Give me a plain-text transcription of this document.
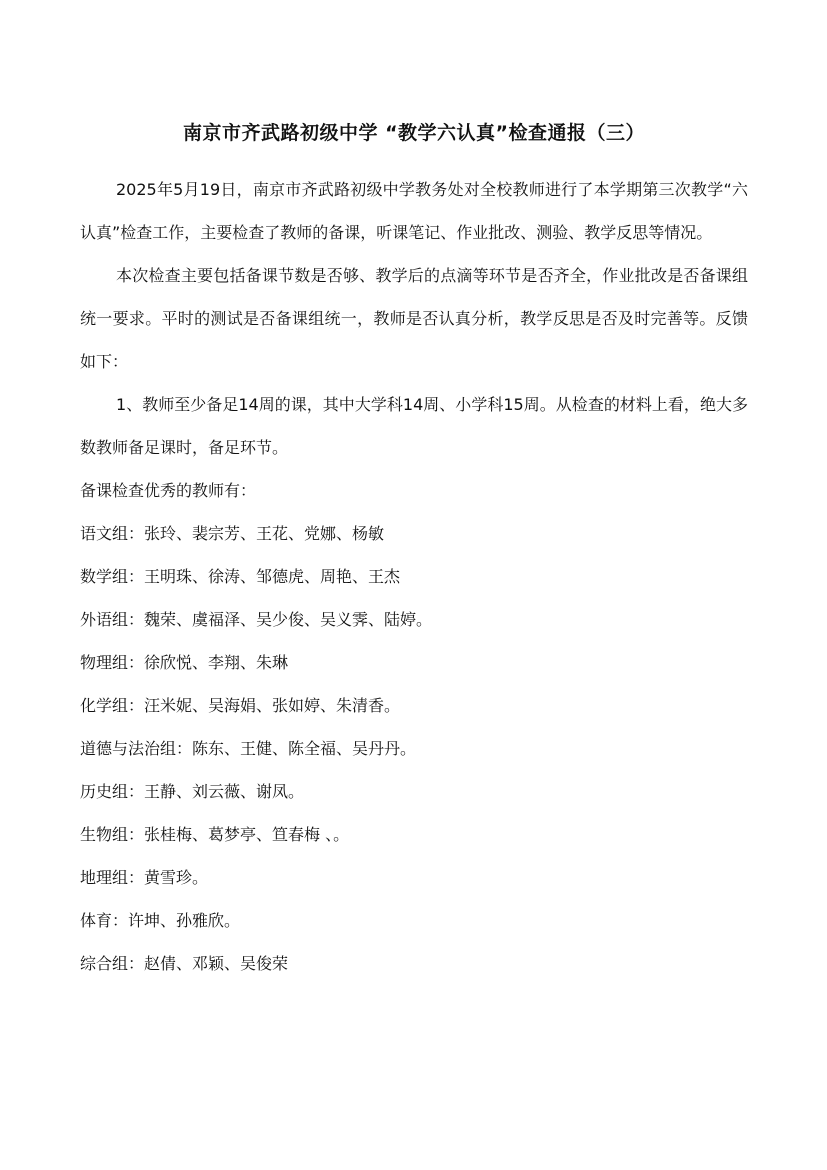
南京市齐武路初级中学 “教学六认真”检查通报（三）

2025年5月19日，南京市齐武路初级中学教务处对全校教师进行了本学期第三次教学“六认真”检查工作，主要检查了教师的备课，听课笔记、作业批改、测验、教学反思等情况。

本次检查主要包括备课节数是否够、教学后的点滴等环节是否齐全，作业批改是否备课组统一要求。平时的测试是否备课组统一，教师是否认真分析，教学反思是否及时完善等。反馈如下：

1、教师至少备足14周的课，其中大学科14周、小学科15周。从检查的材料上看，绝大多数教师备足课时，备足环节。

备课检查优秀的教师有：

语文组：张玲、裴宗芳、王花、党娜、杨敏

数学组：王明珠、徐涛、邹德虎、周艳、王杰

外语组：魏荣、虞福泽、吴少俊、吴义霁、陆婷。

物理组：徐欣悦、李翔、朱琳

化学组：汪米妮、吴海娟、张如婷、朱清香。

道德与法治组：陈东、王健、陈全福、吴丹丹。

历史组：王静、刘云薇、谢凤。

生物组：张桂梅、葛梦亭、笪春梅 、。

地理组：黄雪珍。

体育：许坤、孙雅欣。

综合组：赵倩、邓颖、吴俊荣
